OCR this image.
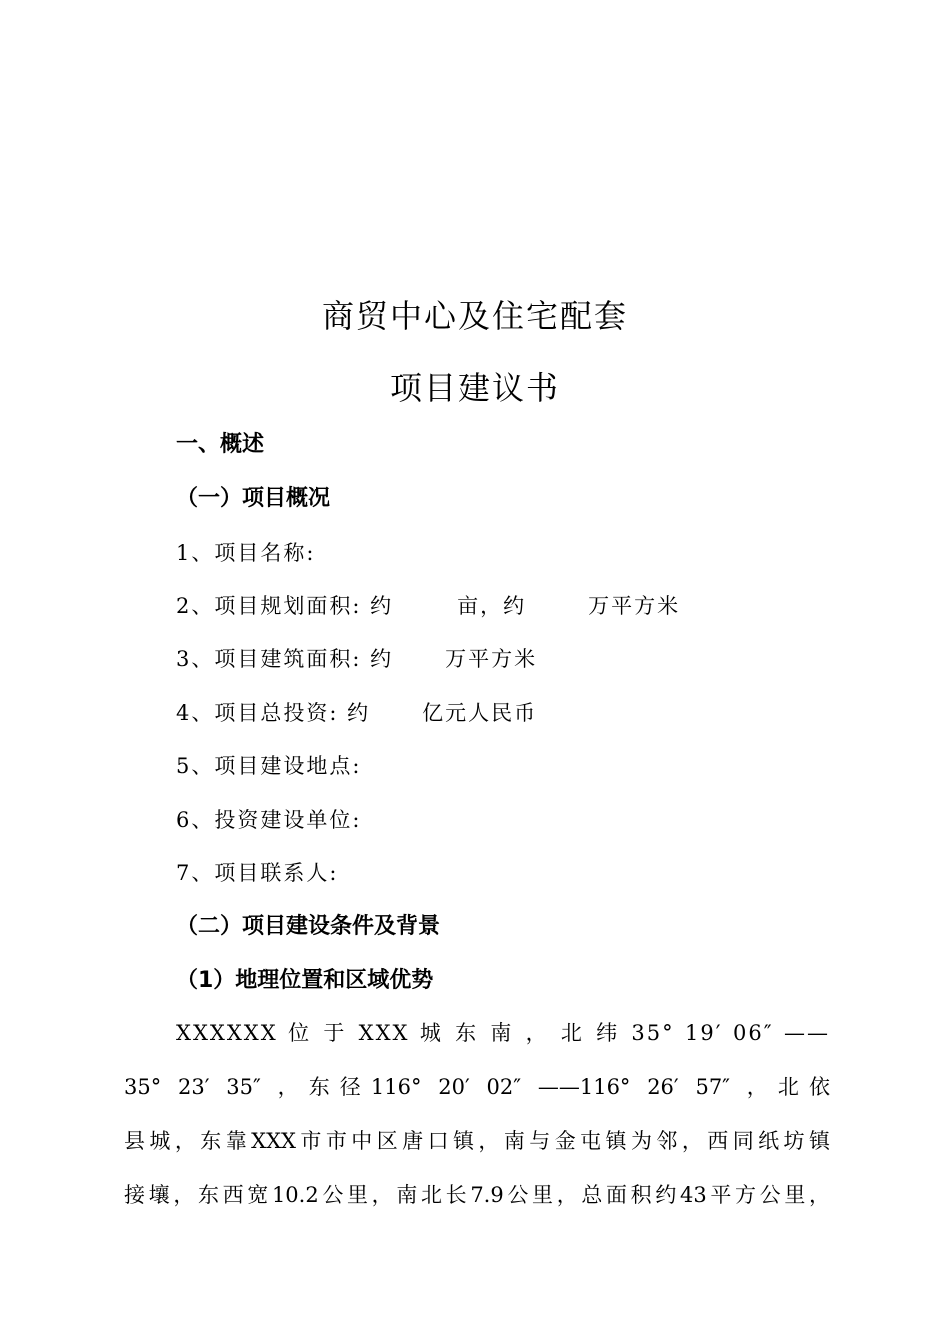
商贸中心及住宅配套
项目建议书
一、概述
（一）项目概况

1、项目名称:

2、项目规划面积: 约	亩，约	万平方米

3、项目建筑面积: 约 万平方米

4、项目总投资: 约 亿元人民币

5、项目建设地点:

6、投资建设单位:

7、项目联系人:

（二）项目建设条件及背景
（1）地理位置和区域优势

XXXXXX 位 于 XXX 城 东 南 ， 北 纬 35° 19′ 06″ ——

35° 23′ 35″ ，东径116° 20′ 02″ ——116° 26′ 57″ ，北依

县城，东靠XXX市市中区唐口镇，南与金屯镇为邻，西同纸坊镇

接壤，东西宽10.2公里，南北长7.9公里，总面积约43平方公里，
